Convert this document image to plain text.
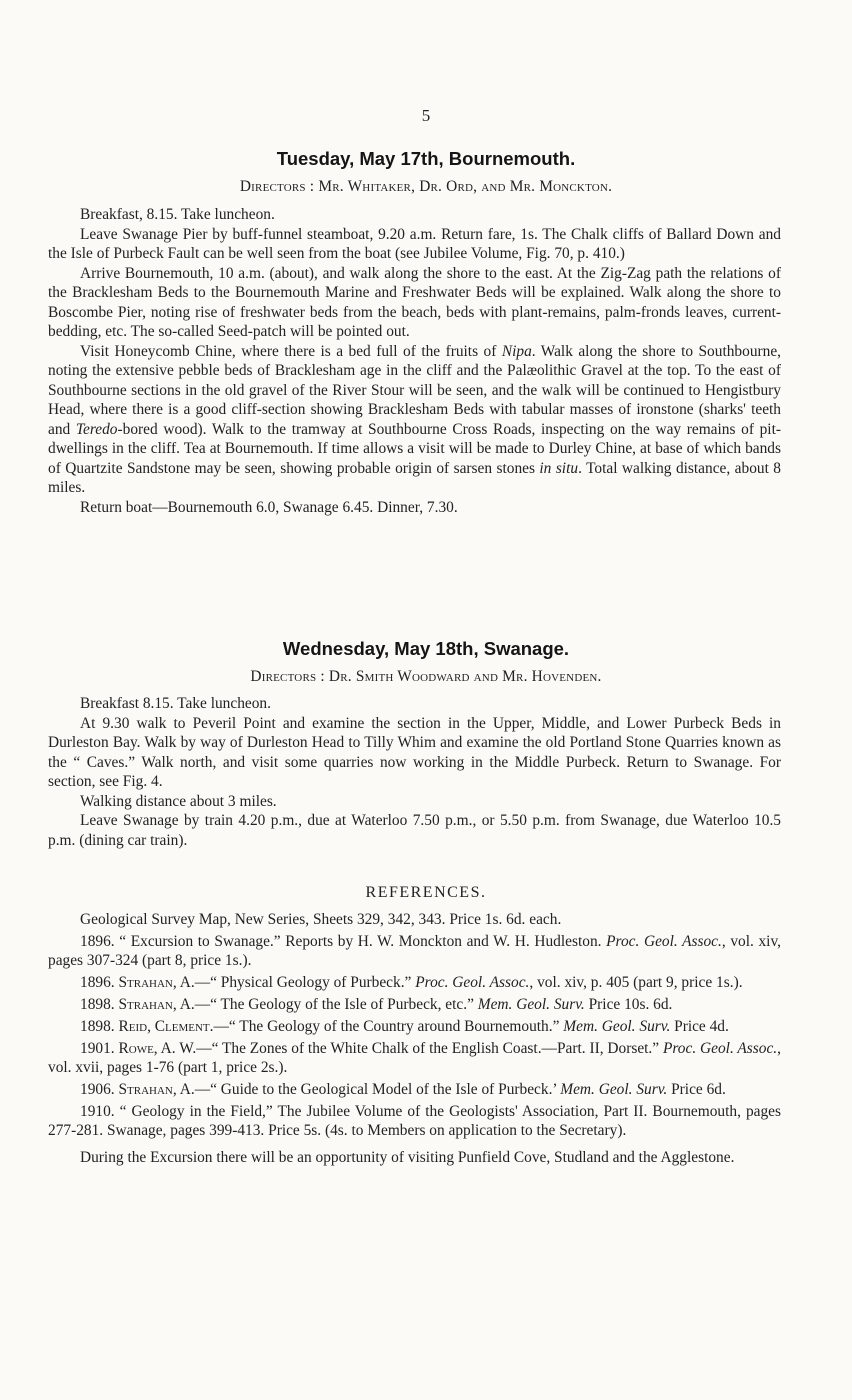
5
Tuesday, May 17th, Bournemouth.
Directors : Mr. Whitaker, Dr. Ord, and Mr. Monckton.

Breakfast, 8.15. Take luncheon.

Leave Swanage Pier by buff-funnel steamboat, 9.20 a.m. Return fare, 1s. The Chalk cliffs of Ballard Down and the Isle of Purbeck Fault can be well seen from the boat (see Jubilee Volume, Fig. 70, p. 410.)

Arrive Bournemouth, 10 a.m. (about), and walk along the shore to the east. At the Zig-Zag path the relations of the Bracklesham Beds to the Bournemouth Marine and Freshwater Beds will be explained. Walk along the shore to Boscombe Pier, noting rise of freshwater beds from the beach, beds with plant-remains, palm-fronds leaves, current-bedding, etc. The so-called Seed-patch will be pointed out.

Visit Honeycomb Chine, where there is a bed full of the fruits of Nipa. Walk along the shore to Southbourne, noting the extensive pebble beds of Bracklesham age in the cliff and the Palæolithic Gravel at the top. To the east of Southbourne sections in the old gravel of the River Stour will be seen, and the walk will be continued to Hengistbury Head, where there is a good cliff-section showing Bracklesham Beds with tabular masses of ironstone (sharks' teeth and Teredo-bored wood). Walk to the tramway at Southbourne Cross Roads, inspecting on the way remains of pit-dwellings in the cliff. Tea at Bournemouth. If time allows a visit will be made to Durley Chine, at base of which bands of Quartzite Sandstone may be seen, showing probable origin of sarsen stones in situ. Total walking distance, about 8 miles.

Return boat—Bournemouth 6.0, Swanage 6.45. Dinner, 7.30.

Wednesday, May 18th, Swanage.
Directors : Dr. Smith Woodward and Mr. Hovenden.

Breakfast 8.15. Take luncheon.

At 9.30 walk to Peveril Point and examine the section in the Upper, Middle, and Lower Purbeck Beds in Durleston Bay. Walk by way of Durleston Head to Tilly Whim and examine the old Portland Stone Quarries known as the “ Caves.” Walk north, and visit some quarries now working in the Middle Purbeck. Return to Swanage. For section, see Fig. 4.

Walking distance about 3 miles.

Leave Swanage by train 4.20 p.m., due at Waterloo 7.50 p.m., or 5.50 p.m. from Swanage, due Waterloo 10.5 p.m. (dining car train).

REFERENCES.

Geological Survey Map, New Series, Sheets 329, 342, 343. Price 1s. 6d. each.

1896. “ Excursion to Swanage.” Reports by H. W. Monckton and W. H. Hudleston. Proc. Geol. Assoc., vol. xiv, pages 307-324 (part 8, price 1s.).

1896. Strahan, A.—“ Physical Geology of Purbeck.” Proc. Geol. Assoc., vol. xiv, p. 405 (part 9, price 1s.).

1898. Strahan, A.—“ The Geology of the Isle of Purbeck, etc.” Mem. Geol. Surv. Price 10s. 6d.

1898. Reid, Clement.—“ The Geology of the Country around Bournemouth.” Mem. Geol. Surv. Price 4d.

1901. Rowe, A. W.—“ The Zones of the White Chalk of the English Coast.—Part. II, Dorset.” Proc. Geol. Assoc., vol. xvii, pages 1-76 (part 1, price 2s.).

1906. Strahan, A.—“ Guide to the Geological Model of the Isle of Purbeck.’ Mem. Geol. Surv. Price 6d.

1910. “ Geology in the Field,” The Jubilee Volume of the Geologists' Association, Part II. Bournemouth, pages 277-281. Swanage, pages 399-413. Price 5s. (4s. to Members on application to the Secretary).

During the Excursion there will be an opportunity of visiting Punfield Cove, Studland and the Agglestone.
